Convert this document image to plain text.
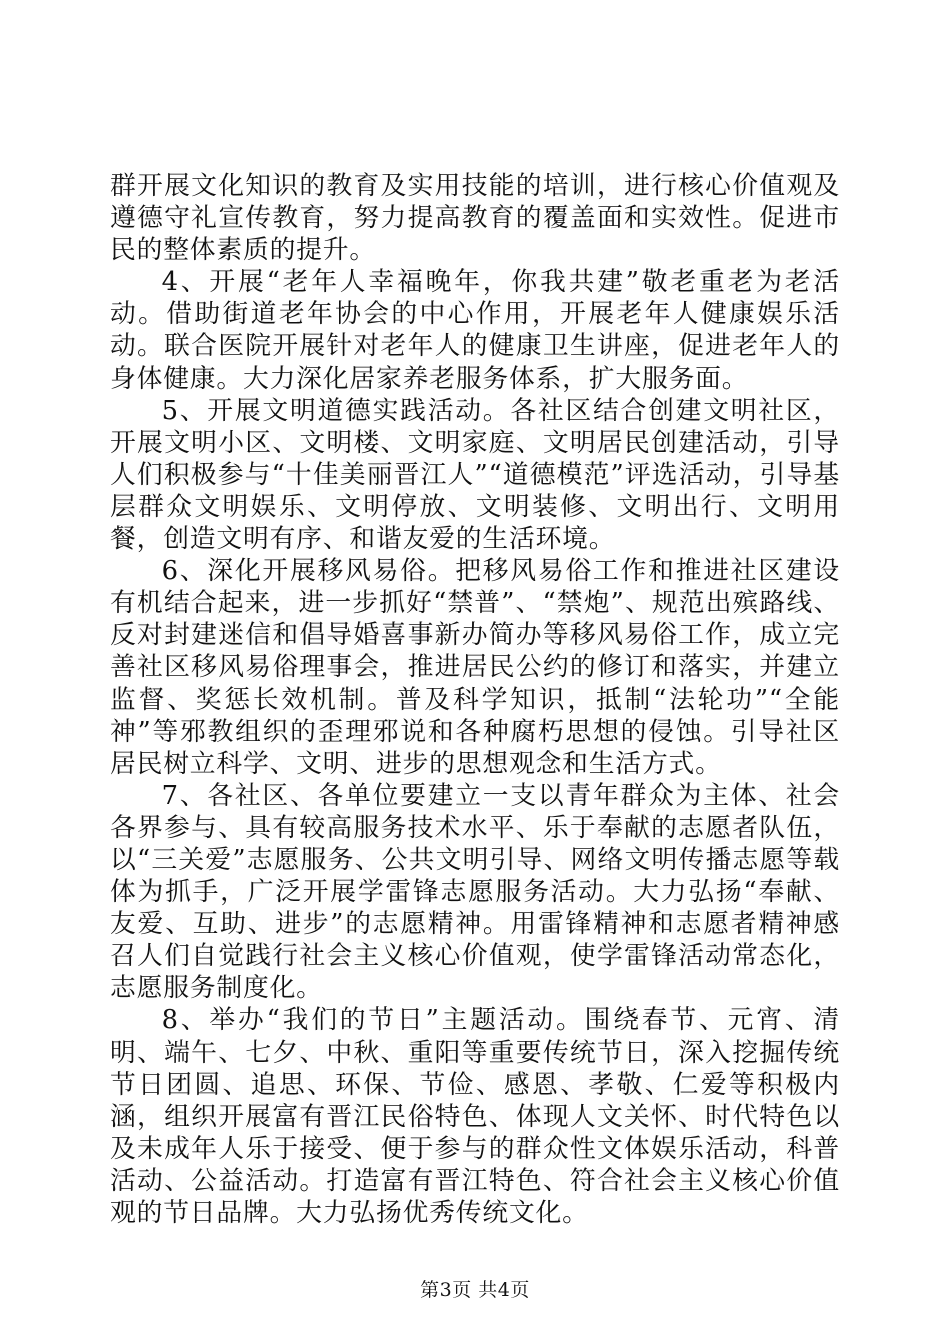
群开展文化知识的教育及实用技能的培训，进行核心价值观及遵德守礼宣传教育，努力提高教育的覆盖面和实效性。促进市民的整体素质的提升。

4、开展“老年人幸福晚年，你我共建”敬老重老为老活动。借助街道老年协会的中心作用，开展老年人健康娱乐活动。联合医院开展针对老年人的健康卫生讲座，促进老年人的身体健康。大力深化居家养老服务体系，扩大服务面。

5、开展文明道德实践活动。各社区结合创建文明社区，开展文明小区、文明楼、文明家庭、文明居民创建活动，引导人们积极参与“十佳美丽晋江人”“道德模范”评选活动，引导基层群众文明娱乐、文明停放、文明装修、文明出行、文明用餐，创造文明有序、和谐友爱的生活环境。

6、深化开展移风易俗。把移风易俗工作和推进社区建设有机结合起来，进一步抓好“禁普”、“禁炮”、规范出殡路线、反对封建迷信和倡导婚喜事新办简办等移风易俗工作，成立完善社区移风易俗理事会，推进居民公约的修订和落实，并建立监督、奖惩长效机制。普及科学知识，抵制“法轮功”“全能神”等邪教组织的歪理邪说和各种腐朽思想的侵蚀。引导社区居民树立科学、文明、进步的思想观念和生活方式。

7、各社区、各单位要建立一支以青年群众为主体、社会各界参与、具有较高服务技术水平、乐于奉献的志愿者队伍，以“三关爱”志愿服务、公共文明引导、网络文明传播志愿等载体为抓手，广泛开展学雷锋志愿服务活动。大力弘扬“奉献、友爱、互助、进步”的志愿精神。用雷锋精神和志愿者精神感召人们自觉践行社会主义核心价值观，使学雷锋活动常态化，志愿服务制度化。

8、举办“我们的节日”主题活动。围绕春节、元宵、清明、端午、七夕、中秋、重阳等重要传统节日，深入挖掘传统节日团圆、追思、环保、节俭、感恩、孝敬、仁爱等积极内涵，组织开展富有晋江民俗特色、体现人文关怀、时代特色以及未成年人乐于接受、便于参与的群众性文体娱乐活动，科普活动、公益活动。打造富有晋江特色、符合社会主义核心价值观的节日品牌。大力弘扬优秀传统文化。

第3页 共4页
